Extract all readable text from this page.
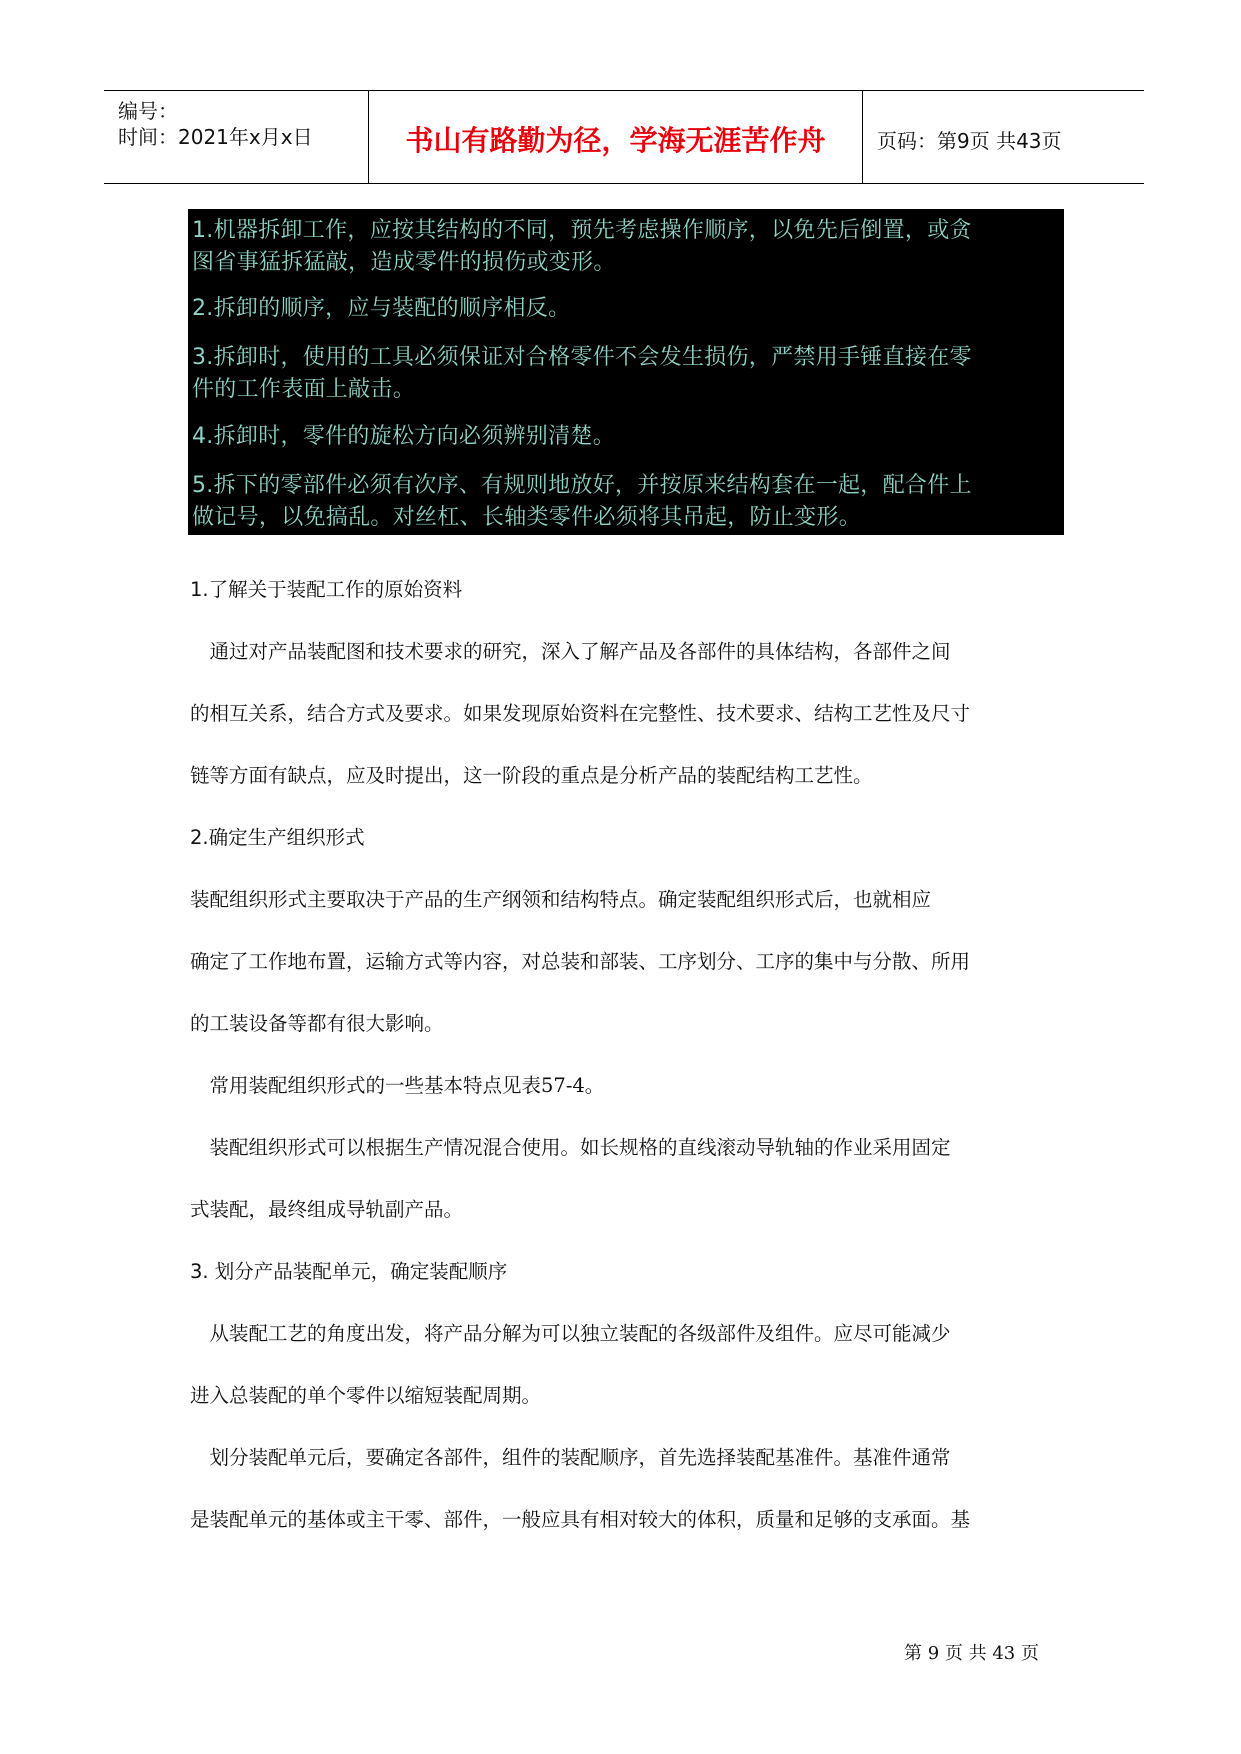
编号：
时间：2021年x月x日	书山有路勤为径，学海无涯苦作舟	页码：第9页 共43页
1.机器拆卸工作，应按其结构的不同，预先考虑操作顺序，以免先后倒置，或贪
图省事猛拆猛敲，造成零件的损伤或变形。
2.拆卸的顺序，应与装配的顺序相反。
3.拆卸时，使用的工具必须保证对合格零件不会发生损伤，严禁用手锤直接在零
件的工作表面上敲击。
4.拆卸时，零件的旋松方向必须辨别清楚。
5.拆下的零部件必须有次序、有规则地放好，并按原来结构套在一起，配合件上
做记号，以免搞乱。对丝杠、长轴类零件必须将其吊起，防止变形。
1.了解关于装配工作的原始资料
　通过对产品装配图和技术要求的研究，深入了解产品及各部件的具体结构，各部件之间
的相互关系，结合方式及要求。如果发现原始资料在完整性、技术要求、结构工艺性及尺寸
链等方面有缺点，应及时提出，这一阶段的重点是分析产品的装配结构工艺性。
2.确定生产组织形式
装配组织形式主要取决于产品的生产纲领和结构特点。确定装配组织形式后，也就相应
确定了工作地布置，运输方式等内容，对总装和部装、工序划分、工序的集中与分散、所用
的工装设备等都有很大影响。
　常用装配组织形式的一些基本特点见表57-4。
　装配组织形式可以根据生产情况混合使用。如长规格的直线滚动导轨轴的作业采用固定
式装配，最终组成导轨副产品。
3. 划分产品装配单元，确定装配顺序
　从装配工艺的角度出发，将产品分解为可以独立装配的各级部件及组件。应尽可能减少
进入总装配的单个零件以缩短装配周期。
　划分装配单元后，要确定各部件，组件的装配顺序，首先选择装配基准件。基准件通常
是装配单元的基体或主干零、部件，一般应具有相对较大的体积，质量和足够的支承面。基
第 9 页 共 43 页
